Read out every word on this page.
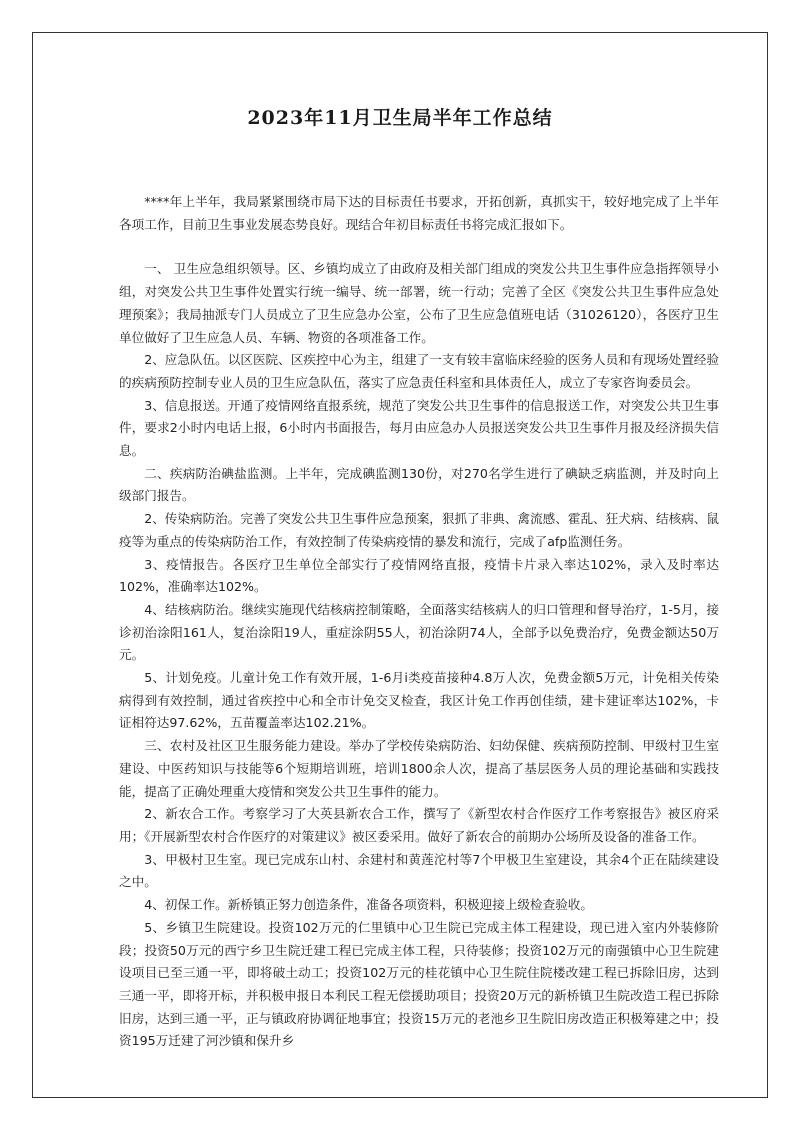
2023年11月卫生局半年工作总结

****年上半年，我局紧紧围绕市局下达的目标责任书要求，开拓创新，真抓实干，较好地完成了上半年各项工作，目前卫生事业发展态势良好。现结合年初目标责任书将完成汇报如下。

一、 卫生应急组织领导。区、乡镇均成立了由政府及相关部门组成的突发公共卫生事件应急指挥领导小组，对突发公共卫生事件处置实行统一编导、统一部署，统一行动；完善了全区《突发公共卫生事件应急处理预案》；我局抽派专门人员成立了卫生应急办公室，公布了卫生应急值班电话（31026120），各医疗卫生单位做好了卫生应急人员、车辆、物资的各项准备工作。

2、应急队伍。以区医院、区疾控中心为主，组建了一支有较丰富临床经验的医务人员和有现场处置经验的疾病预防控制专业人员的卫生应急队伍，落实了应急责任科室和具体责任人，成立了专家咨询委员会。

3、信息报送。开通了疫情网络直报系统，规范了突发公共卫生事件的信息报送工作，对突发公共卫生事件，要求2小时内电话上报，6小时内书面报告，每月由应急办人员报送突发公共卫生事件月报及经济损失信息。

二、疾病防治碘盐监测。上半年，完成碘监测130份，对270名学生进行了碘缺乏病监测，并及时向上级部门报告。

2、传染病防治。完善了突发公共卫生事件应急预案，狠抓了非典、禽流感、霍乱、狂犬病、结核病、鼠疫等为重点的传染病防治工作，有效控制了传染病疫情的暴发和流行，完成了afp监测任务。

3、疫情报告。各医疗卫生单位全部实行了疫情网络直报，疫情卡片录入率达102%，录入及时率达102%，准确率达102%。

4、结核病防治。继续实施现代结核病控制策略，全面落实结核病人的归口管理和督导治疗，1-5月，接诊初治涂阳161人，复治涂阳19人，重症涂阴55人，初治涂阴74人，全部予以免费治疗，免费金额达50万元。

5、计划免疫。儿童计免工作有效开展，1-6月i类疫苗接种4.8万人次，免费金额5万元，计免相关传染病得到有效控制，通过省疾控中心和全市计免交叉检查，我区计免工作再创佳绩，建卡建证率达102%，卡证相符达97.62%，五苗覆盖率达102.21%。

三、农村及社区卫生服务能力建设。举办了学校传染病防治、妇幼保健、疾病预防控制、甲级村卫生室建设、中医药知识与技能等6个短期培训班，培训1800余人次，提高了基层医务人员的理论基础和实践技能，提高了正确处理重大疫情和突发公共卫生事件的能力。

2、新农合工作。考察学习了大英县新农合工作，撰写了《新型农村合作医疗工作考察报告》被区府采用；《开展新型农村合作医疗的对策建议》被区委采用。做好了新农合的前期办公场所及设备的准备工作。

3、甲极村卫生室。现已完成东山村、余建村和黄莲沱村等7个甲极卫生室建设，其余4个正在陆续建设之中。

4、初保工作。新桥镇正努力创造条件，准备各项资料，积极迎接上级检查验收。

5、乡镇卫生院建设。投资102万元的仁里镇中心卫生院已完成主体工程建设，现已进入室内外装修阶段；投资50万元的西宁乡卫生院迁建工程已完成主体工程，只待装修；投资102万元的南强镇中心卫生院建设项目已至三通一平，即将破土动工；投资102万元的桂花镇中心卫生院住院楼改建工程已拆除旧房，达到三通一平，即将开标，并积极申报日本利民工程无偿援助项目；投资20万元的新桥镇卫生院改造工程已拆除旧房，达到三通一平，正与镇政府协调征地事宜；投资15万元的老池乡卫生院旧房改造正积极筹建之中；投资195万迁建了河沙镇和保升乡
